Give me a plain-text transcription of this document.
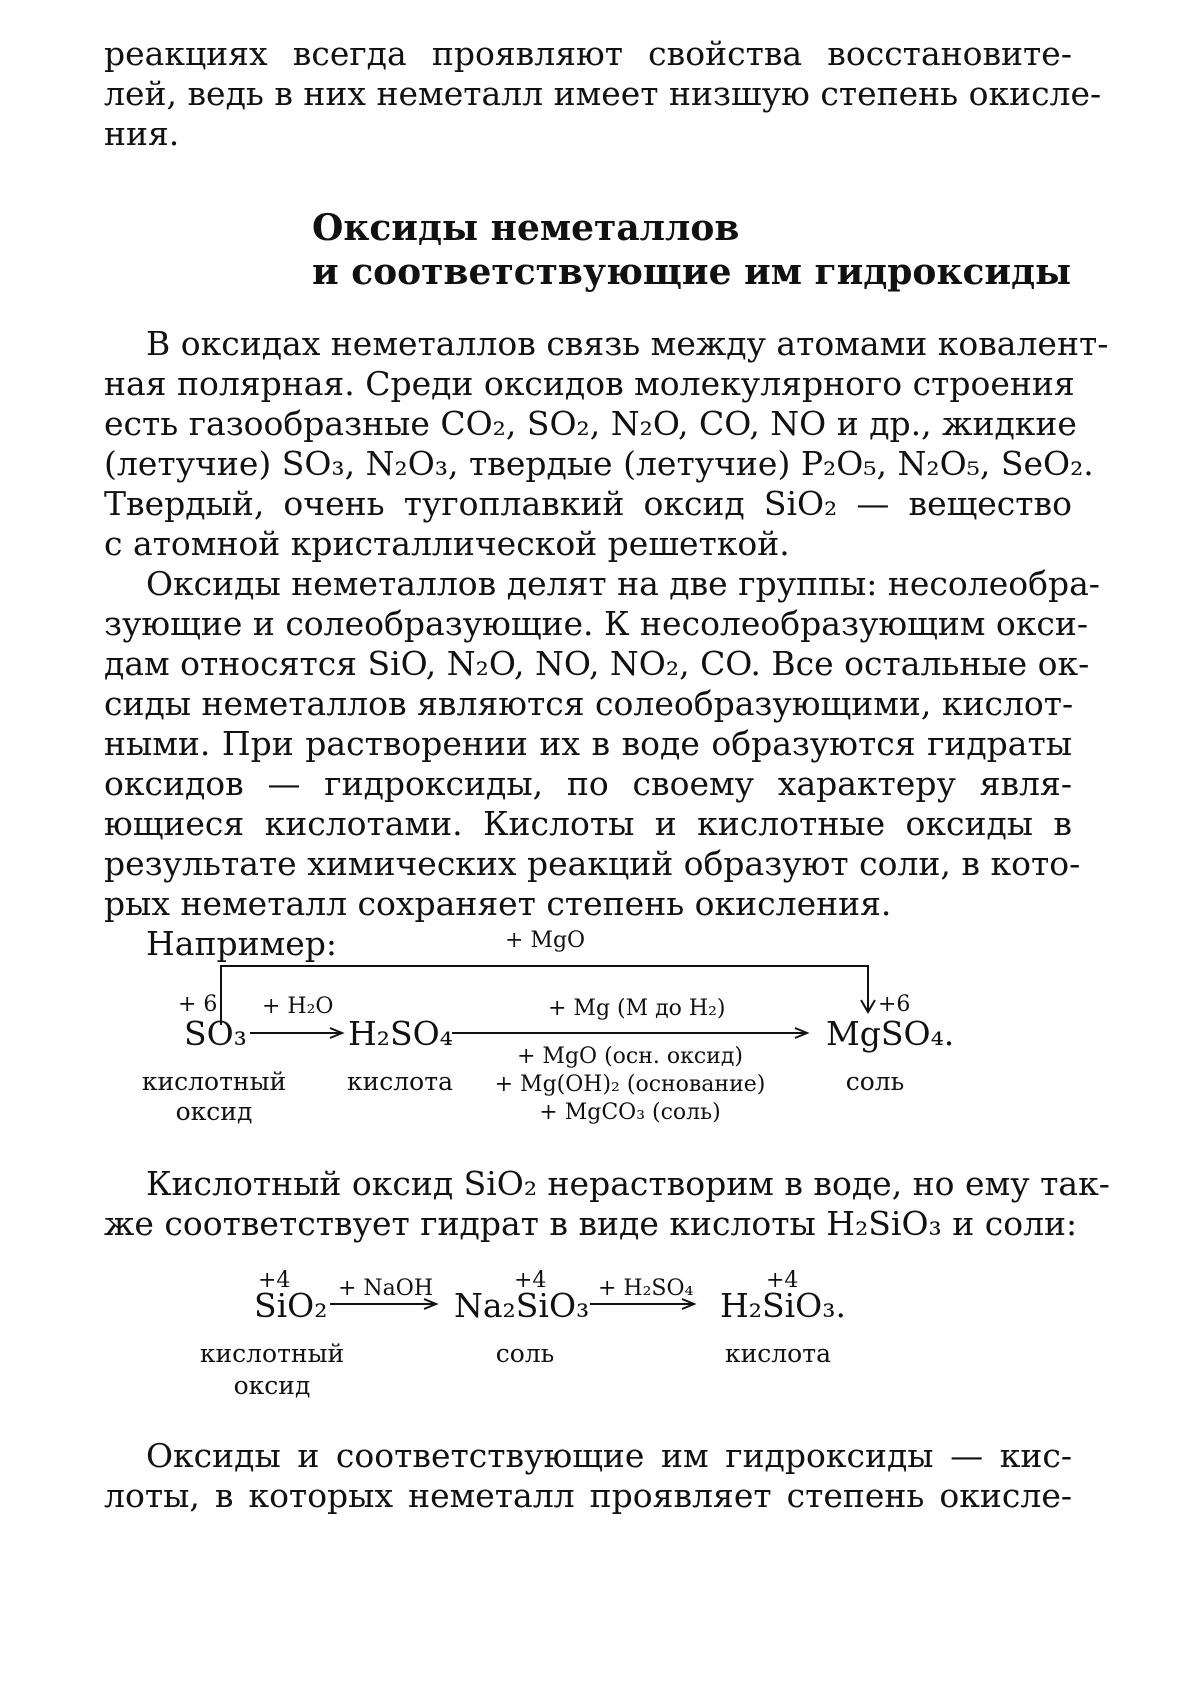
реакциях всегда проявляют свойства восстановите-
лей, ведь в них неметалл имеет низшую степень окисле-
ния.
Оксиды неметаллов
и соответствующие им гидроксиды
В оксидах неметаллов связь между атомами ковалент-
ная полярная. Среди оксидов молекулярного строения
есть газообразные CO₂, SO₂, N₂O, CO, NO и др., жидкие
(летучие) SO₃, N₂O₃, твердые (летучие) P₂O₅, N₂O₅, SeO₂.
Твердый, очень тугоплавкий оксид SiO₂ — вещество
с атомной кристаллической решеткой.
Оксиды неметаллов делят на две группы: несолеобра-
зующие и солеобразующие. К несолеобразующим окси-
дам относятся SiO, N₂O, NO, NO₂, CO. Все остальные ок-
сиды неметаллов являются солеобразующими, кислот-
ными. При растворении их в воде образуются гидраты
оксидов — гидроксиды, по своему характеру явля-
ющиеся кислотами. Кислоты и кислотные оксиды в
результате химических реакций образуют соли, в кото-
рых неметалл сохраняет степень окисления.
Например:	+ MgO
+ 6	+6
+ H₂O	+ Mg (М до H₂)
SO₃	H₂SO₄	MgSO₄.
+ MgO (осн. оксид)
+ Mg(OH)₂ (основание)
+ MgCO₃ (соль)
кислотный
оксид
кислота	соль
Кислотный оксид SiO₂ нерастворим в воде, но ему так-
же соответствует гидрат в виде кислоты H₂SiO₃ и соли:
+4	+4	+4
+ NaOH	+ H₂SO₄
SiO₂	Na₂SiO₃	H₂SiO₃.
кислотный
оксид
соль	кислота
Оксиды и соответствующие им гидроксиды — кис-
лоты, в которых неметалл проявляет степень окисле-
